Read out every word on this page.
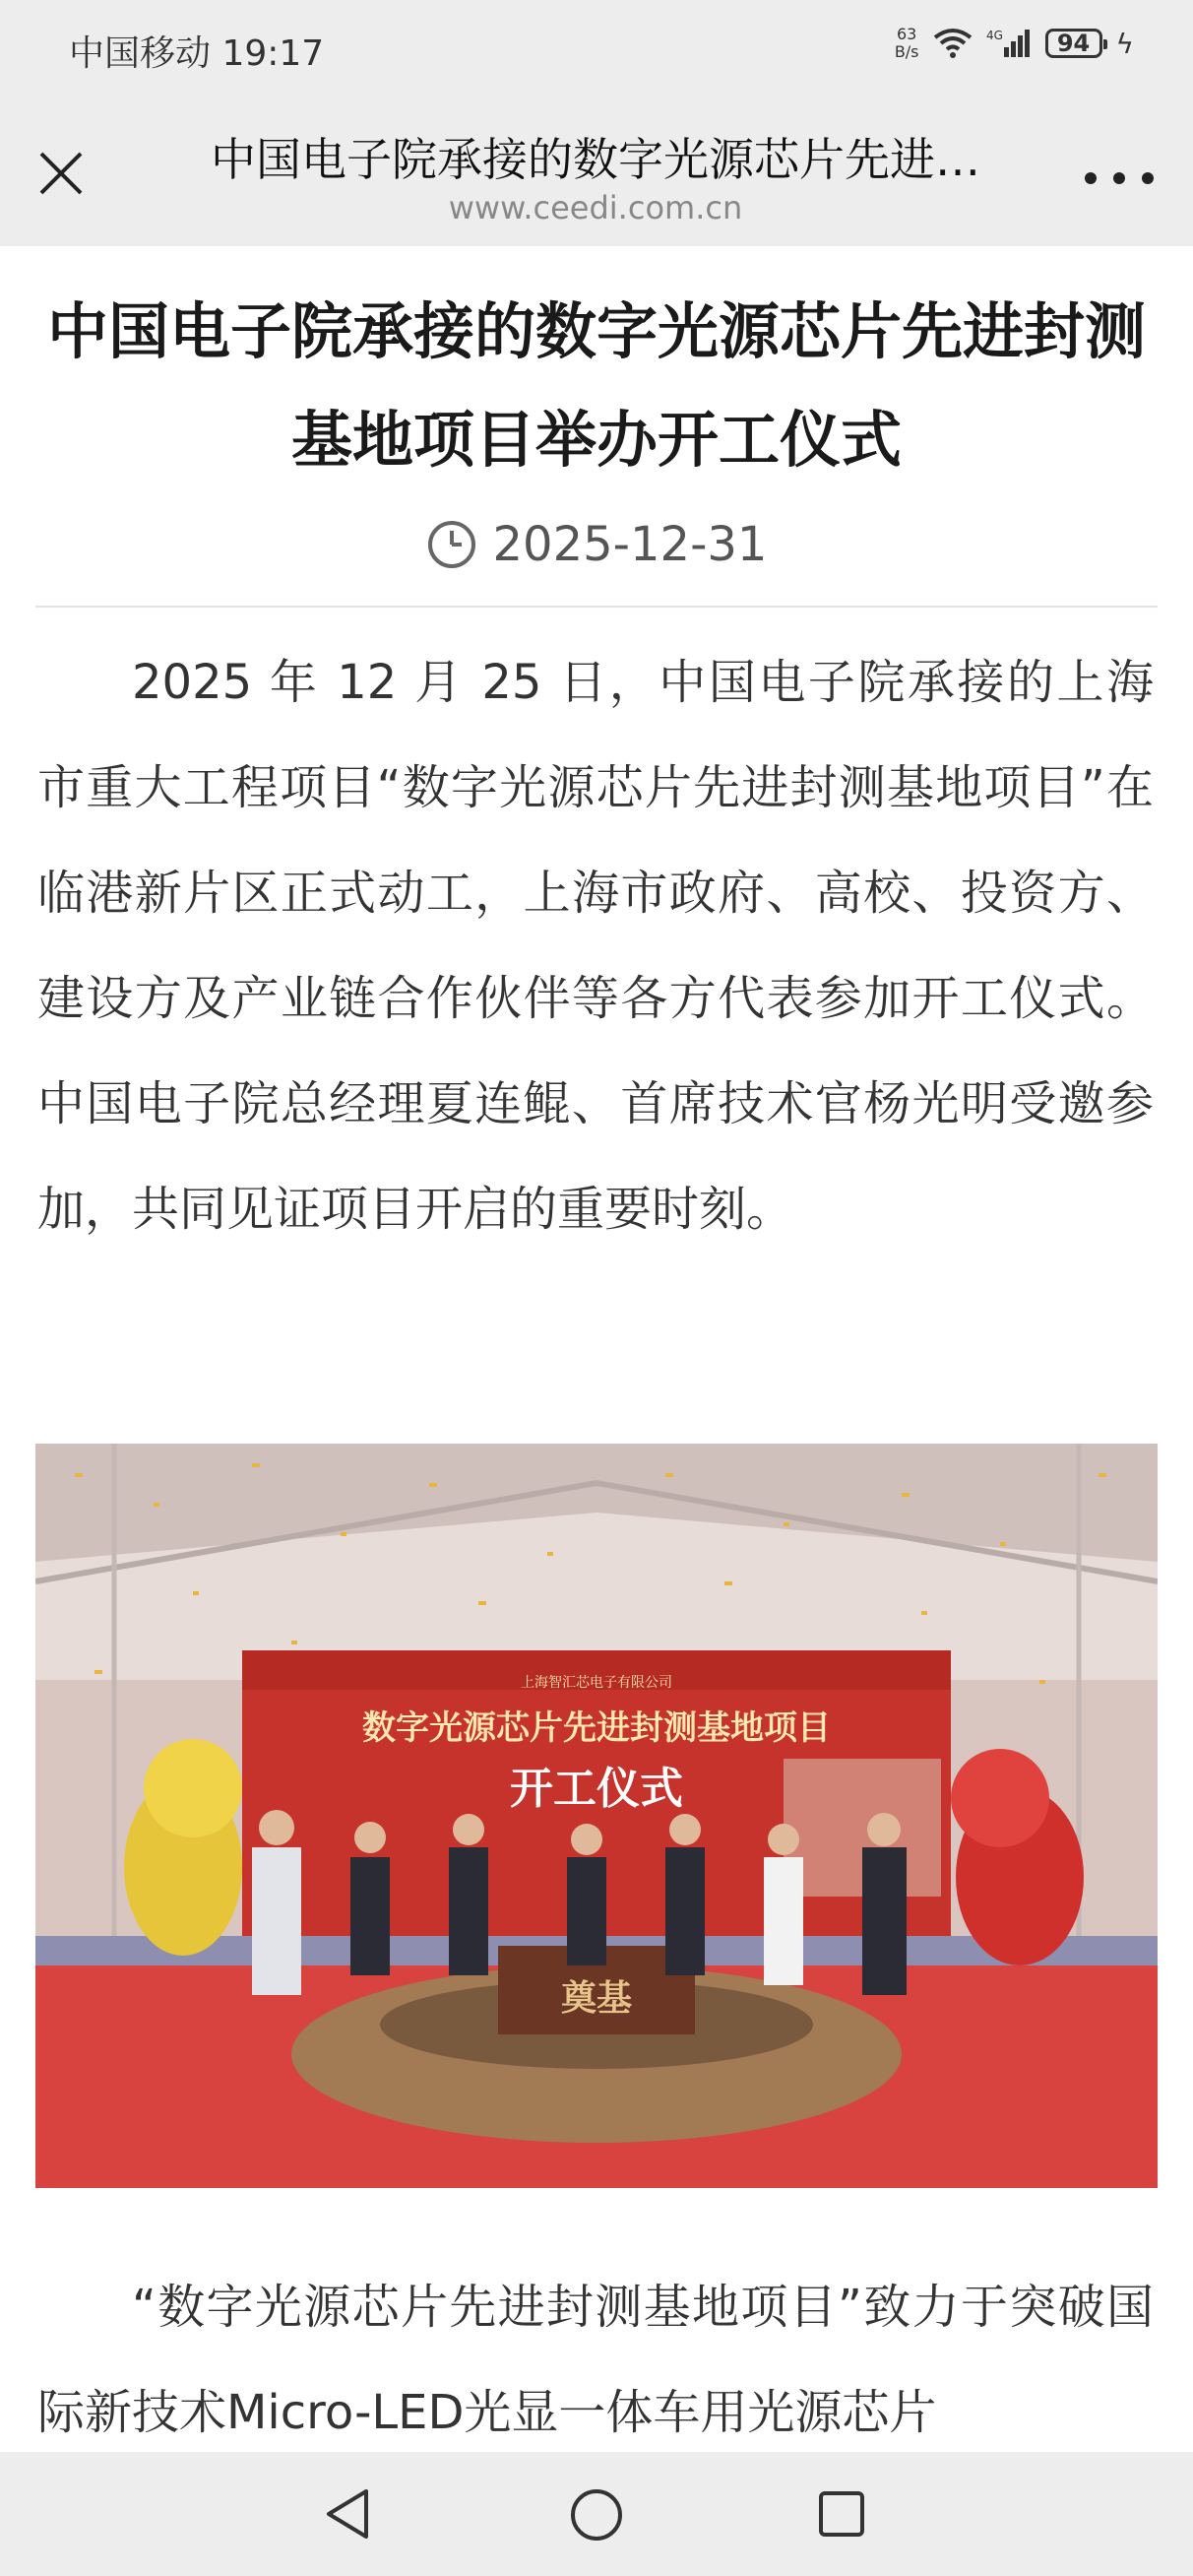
中国移动 19:17	63
B/s
4G 94 ϟ
中国电子院承接的数字光源芯片先进…
www.ceedi.com.cn
中国电子院承接的数字光源芯片先进封测基地项目举办开工仪式
2025-12-31

2025 年 12 月 25 日，中国电子院承接的上海市重大工程项目“数字光源芯片先进封测基地项目”在临港新片区正式动工，上海市政府、高校、投资方、建设方及产业链合作伙伴等各方代表参加开工仪式。中国电子院总经理夏连鲲、首席技术官杨光明受邀参加，共同见证项目开启的重要时刻。

上海智汇芯电子有限公司
数字光源芯片先进封测基地项目
开工仪式
奠基

“数字光源芯片先进封测基地项目”致力于突破国际新技术Micro-LED光显一体车用光源芯片
